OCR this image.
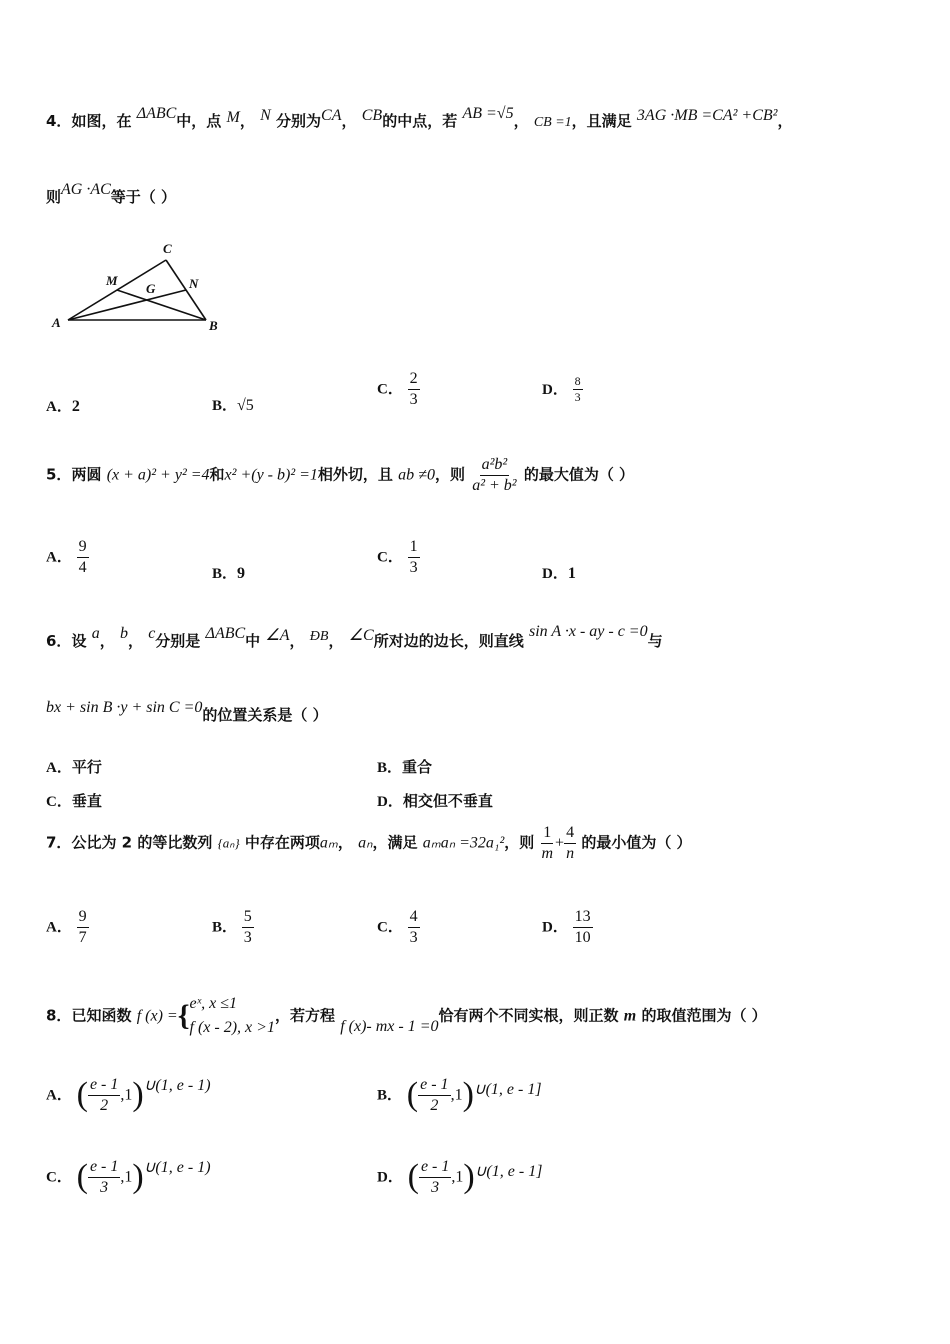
4．如图，在 ΔABC中，点 M， N 分别为CA， CB的中点，若 AB =√5， CB =1，且满足 3AG ·MB =CA² +CB²，
则AG ·AC等于（ ）
A	B
C
M	N
G
A．2	B．√5
C． $\frac{2}{3}$	D． $\frac{8}{3}$
5．两圆 (x + a)² + y² =4和x² +(y - b)² =1相外切，且 ab ≠0，则 $\frac{\text{a²b²}}{\text{a² + b²}}$ 的最大值为（ ）
A． $\frac{9}{4}$	B．9
C． $\frac{1}{3}$	D．1
6．设 a， b， c分别是 ΔABC中 ∠A， ÐB， ∠C所对边的边长，则直线 sin A ·x - ay - c =0与
bx + sin B ·y + sin C =0的位置关系是（ ）
A．平行	B．重合
C．垂直	D．相交但不垂直
7．公比为 2 的等比数列 {aₙ} 中存在两项aₘ， aₙ，满足 aₘaₙ =32a₁²，则 $\frac{1}{m} + \frac{4}{n}$ 的最小值为（ ）
A． $\frac{9}{7}$	B． $\frac{5}{3}$	C． $\frac{4}{3}$	D． $\frac{13}{10}$
8．已知函数 f (x) ={ eˣ, x ≤1
f (x - 2), x >1
，若方程 f (x)- mx - 1 =0恰有两个不同实根，则正数 m 的取值范围为（ ）
A． ( $\frac{e - 1}{2}$ ,1)∪(1, e - 1)
B． ( $\frac{e - 1}{2}$ ,1)∪(1, e - 1]
C． ( $\frac{e - 1}{3}$ ,1)∪(1, e - 1)
D． ( $\frac{e - 1}{3}$ ,1)∪(1, e - 1]
